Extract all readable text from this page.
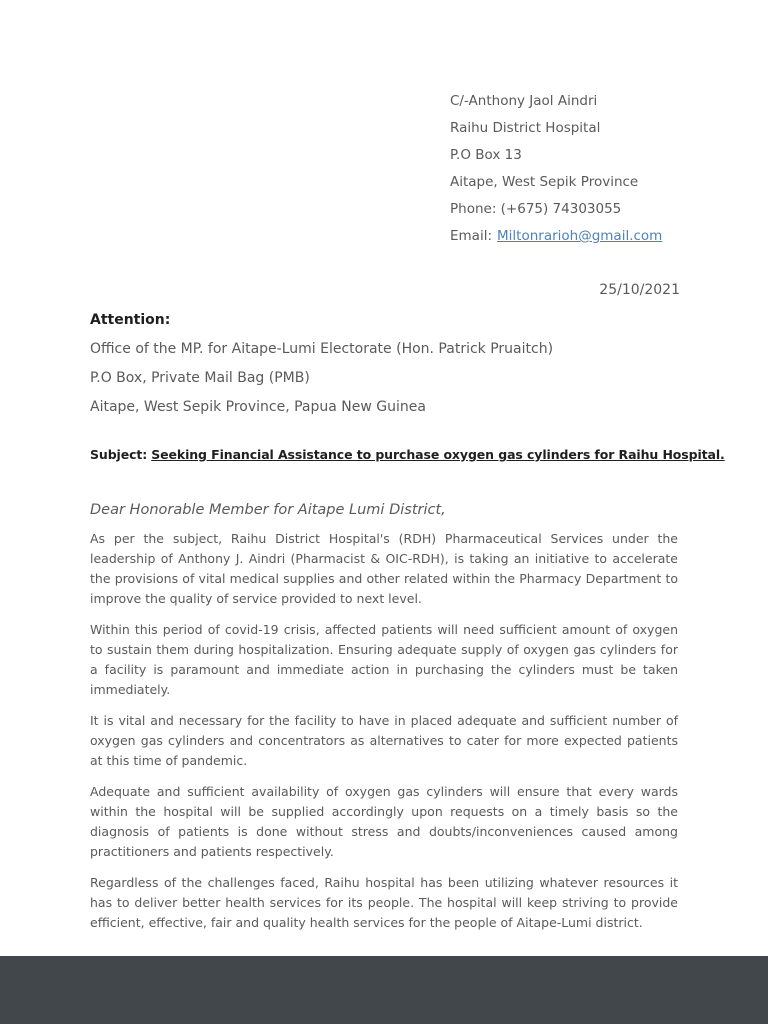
C/-Anthony Jaol Aindri
Raihu District Hospital
P.O Box 13
Aitape, West Sepik Province
Phone: (+675) 74303055
Email: Miltonrarioh@gmail.com
25/10/2021
Attention:
Office of the MP. for Aitape-Lumi Electorate (Hon. Patrick Pruaitch)
P.O Box, Private Mail Bag (PMB)
Aitape, West Sepik Province, Papua New Guinea
Subject: Seeking Financial Assistance to purchase oxygen gas cylinders for Raihu Hospital.
Dear Honorable Member for Aitape Lumi District,

As per the subject, Raihu District Hospital's (RDH) Pharmaceutical Services under the leadership of Anthony J. Aindri (Pharmacist & OIC-RDH), is taking an initiative to accelerate the provisions of vital medical supplies and other related within the Pharmacy Department to improve the quality of service provided to next level.

Within this period of covid-19 crisis, affected patients will need sufficient amount of oxygen to sustain them during hospitalization. Ensuring adequate supply of oxygen gas cylinders for a facility is paramount and immediate action in purchasing the cylinders must be taken immediately.

It is vital and necessary for the facility to have in placed adequate and sufficient number of oxygen gas cylinders and concentrators as alternatives to cater for more expected patients at this time of pandemic.

Adequate and sufficient availability of oxygen gas cylinders will ensure that every wards within the hospital will be supplied accordingly upon requests on a timely basis so the diagnosis of patients is done without stress and doubts/inconveniences caused among practitioners and patients respectively.

Regardless of the challenges faced, Raihu hospital has been utilizing whatever resources it has to deliver better health services for its people. The hospital will keep striving to provide efficient, effective, fair and quality health services for the people of Aitape-Lumi district.
